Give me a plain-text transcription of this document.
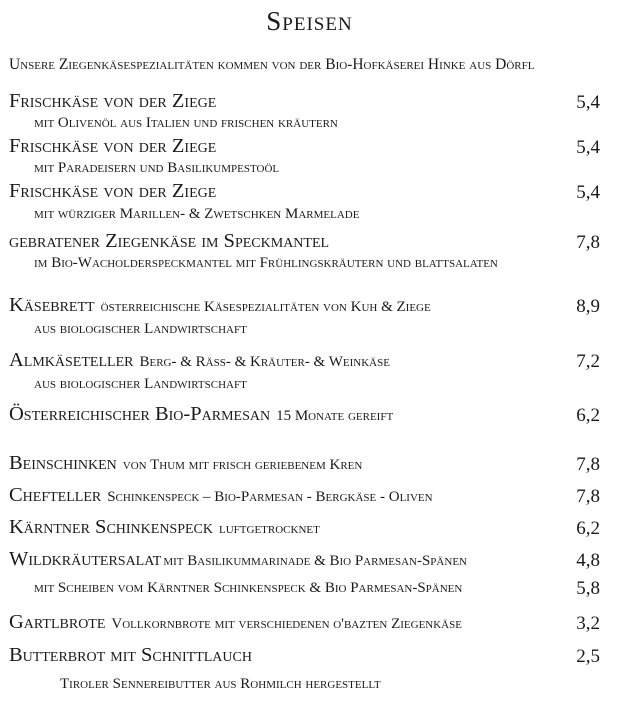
Speisen
Unsere Ziegenkäsespezialitäten kommen von der Bio-Hofkäserei Hinke aus Dörfl
Frischkäse von der Ziege	5,4
mit Olivenöl aus Italien und frischen kräutern
Frischkäse von der Ziege	5,4
mit Paradeisern und Basilikumpestoöl
Frischkäse von der Ziege	5,4
mit würziger Marillen- & Zwetschken Marmelade
gebratener Ziegenkäse im Speckmantel	7,8
im Bio-Wacholderspeckmantel mit Frühlingskräutern und blattsalaten
Käsebrett österreichische Käsespezialitäten von Kuh & Ziege	8,9
aus biologischer Landwirtschaft
Almkäseteller Berg- & Räss- & Kräuter- & Weinkäse	7,2
aus biologischer Landwirtschaft
Österreichischer Bio-Parmesan 15 Monate gereift	6,2
Beinschinken von Thum mit frisch geriebenem Kren	7,8
Chefteller Schinkenspeck – Bio-Parmesan - Bergkäse - Oliven	7,8
Kärntner Schinkenspeck luftgetrocknet	6,2
Wildkräutersalat mit Basilikummarinade & Bio Parmesan-Spänen	4,8
mit Scheiben vom Kärntner Schinkenspeck & Bio Parmesan-Spänen	5,8
Gartlbrote Vollkornbrote mit verschiedenen o'bazten Ziegenkäse	3,2
Butterbrot mit Schnittlauch	2,5
Tiroler Sennereibutter aus Rohmilch hergestellt
